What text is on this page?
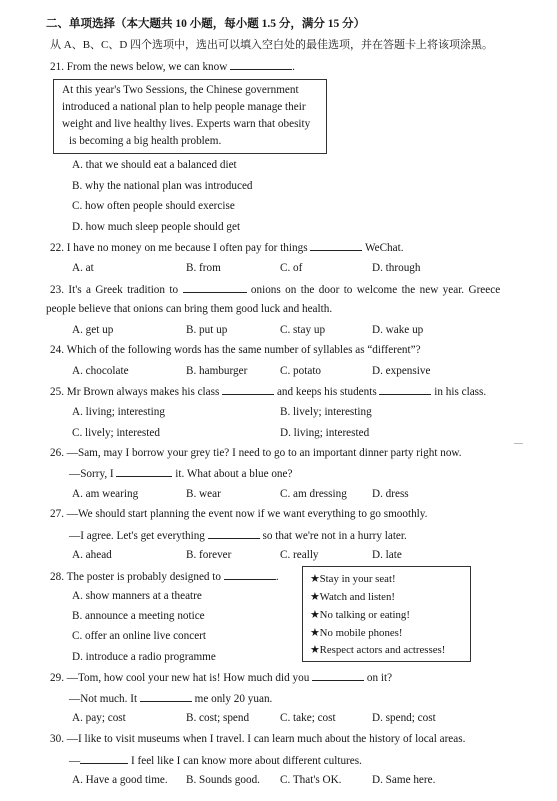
二、单项选择（本大题共 10 小题，每小题 1.5 分，满分 15 分）
从 A、B、C、D 四个选项中，选出可以填入空白处的最佳选项，并在答题卡上将该项涂黑。
21. From the news below, we can know	.
At this year's Two Sessions, the Chinese government
introduced a national plan to help people manage their
weight and live healthy lives. Experts warn that obesity
is becoming a big health problem.
A. that we should eat a balanced diet
B. why the national plan was introduced
C. how often people should exercise
D. how much sleep people should get
22. I have no money on me because I often pay for things	WeChat.
A. at	B. from	C. of	D. through
23. It's a Greek tradition to	onions on the door to welcome the new year. Greece
people believe that onions can bring them good luck and health.
A. get up	B. put up	C. stay up	D. wake up
24. Which of the following words has the same number of syllables as “different”?
A. chocolate	B. hamburger	C. potato	D. expensive
25. Mr Brown always makes his class	and keeps his students	in his class.
A. living; interesting	B. lively; interesting
C. lively; interested	D. living; interested
26. —Sam, may I borrow your grey tie? I need to go to an important dinner party right now.
—Sorry, I	it. What about a blue one?
A. am wearing	B. wear	C. am dressing D. dress
27. —We should start planning the event now if we want everything to go smoothly.
—I agree. Let's get everything	so that we're not in a hurry later.
A. ahead	B. forever	C. really	D. late
28. The poster is probably designed to	.	★Stay in your seat!
★Watch and listen!
★No talking or eating!
★No mobile phones!
★Respect actors and actresses!
A. show manners at a theatre
B. announce a meeting notice
C. offer an online live concert
D. introduce a radio programme
29. —Tom, how cool your new hat is! How much did you	on it?
—Not much. It	me only 20 yuan.
A. pay; cost	B. cost; spend	C. take; cost	D. spend; cost
30. —I like to visit museums when I travel. I can learn much about the history of local areas.
—	I feel like I can know more about different cultures.
A. Have a good time. B. Sounds good. C. That's OK.	D. Same here.
